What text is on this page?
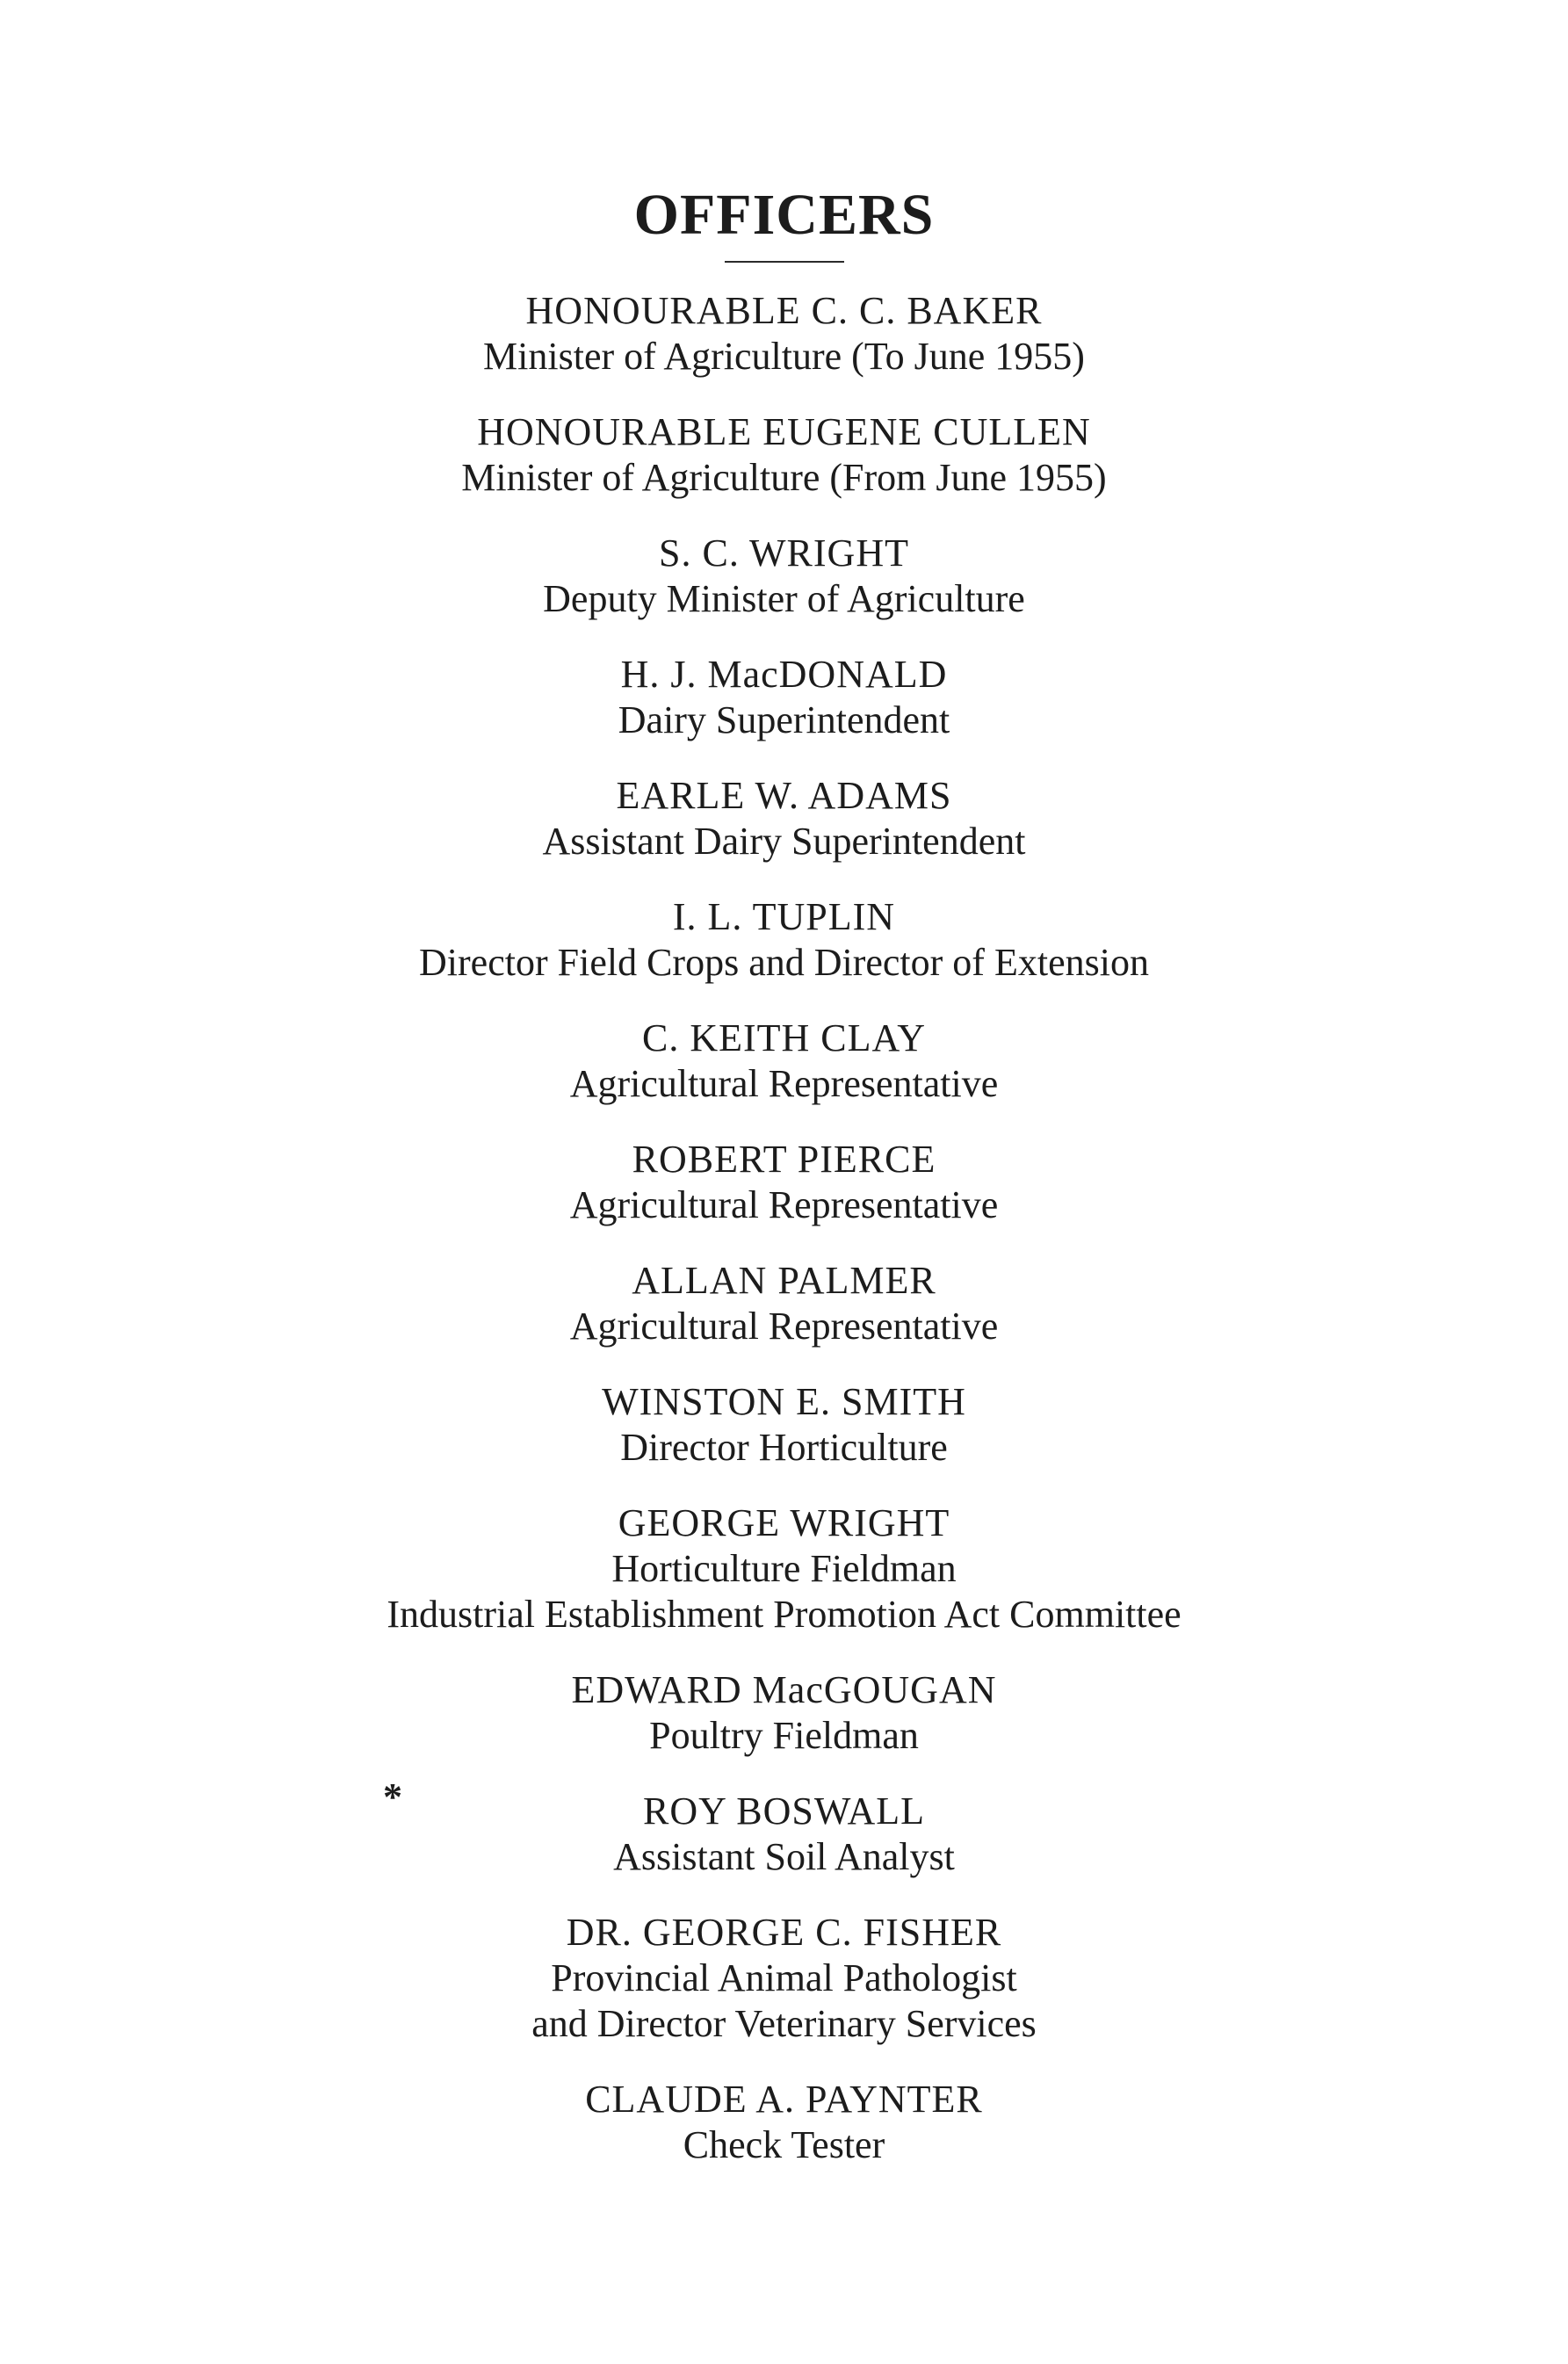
OFFICERS
HONOURABLE C. C. BAKER
Minister of Agriculture (To June 1955)
HONOURABLE EUGENE CULLEN
Minister of Agriculture (From June 1955)
S. C. WRIGHT
Deputy Minister of Agriculture
H. J. MacDONALD
Dairy Superintendent
EARLE W. ADAMS
Assistant Dairy Superintendent
I. L. TUPLIN
Director Field Crops and Director of Extension
C. KEITH CLAY
Agricultural Representative
ROBERT PIERCE
Agricultural Representative
ALLAN PALMER
Agricultural Representative
WINSTON E. SMITH
Director Horticulture
GEORGE WRIGHT
Horticulture Fieldman
Industrial Establishment Promotion Act Committee
EDWARD MacGOUGAN
Poultry Fieldman
ROY BOSWALL
Assistant Soil Analyst
DR. GEORGE C. FISHER
Provincial Animal Pathologist
and Director Veterinary Services
CLAUDE A. PAYNTER
Check Tester
*
